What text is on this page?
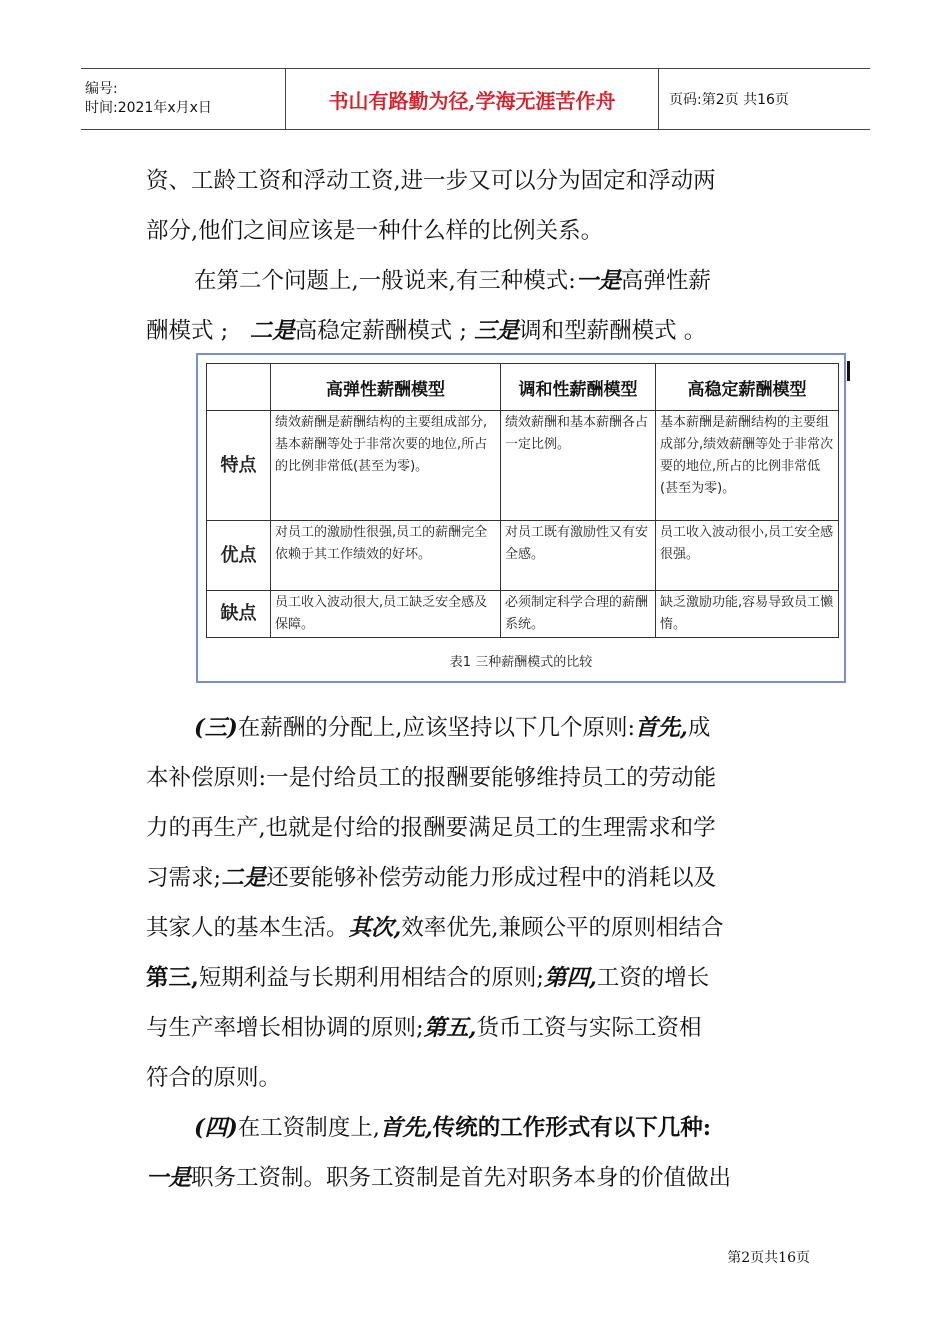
编号:
时间:2021年x月x日	书山有路勤为径,学海无涯苦作舟	页码:第2页 共16页

资、工龄工资和浮动工资,进一步又可以分为固定和浮动两

部分,他们之间应该是一种什么样的比例关系。

在第二个问题上,一般说来,有三种模式:一是高弹性薪

酬模式 ; 二是高稳定薪酬模式 ; 三是调和型薪酬模式 。

	高弹性薪酬模型	调和性薪酬模型	高稳定薪酬模型
特点	绩效薪酬是薪酬结构的主要组成部分,基本薪酬等处于非常次要的地位,所占的比例非常低(甚至为零)。	绩效薪酬和基本薪酬各占一定比例。	基本薪酬是薪酬结构的主要组成部分,绩效薪酬等处于非常次要的地位,所占的比例非常低(甚至为零)。
优点	对员工的激励性很强,员工的薪酬完全依赖于其工作绩效的好坏。	对员工既有激励性又有安全感。	员工收入波动很小,员工安全感很强。
缺点	员工收入波动很大,员工缺乏安全感及保障。	必须制定科学合理的薪酬系统。	缺乏激励功能,容易导致员工懒惰。
表1 三种薪酬模式的比较

(三)在薪酬的分配上,应该坚持以下几个原则:首先,成

本补偿原则:一是付给员工的报酬要能够维持员工的劳动能

力的再生产,也就是付给的报酬要满足员工的生理需求和学

习需求;二是还要能够补偿劳动能力形成过程中的消耗以及

其家人的基本生活。其次,效率优先,兼顾公平的原则相结合

第三,短期利益与长期利用相结合的原则;第四,工资的增长

与生产率增长相协调的原则;第五,货币工资与实际工资相

符合的原则。

(四)在工资制度上,首先,传统的工作形式有以下几种:

一是职务工资制。职务工资制是首先对职务本身的价值做出

第2页共16页
